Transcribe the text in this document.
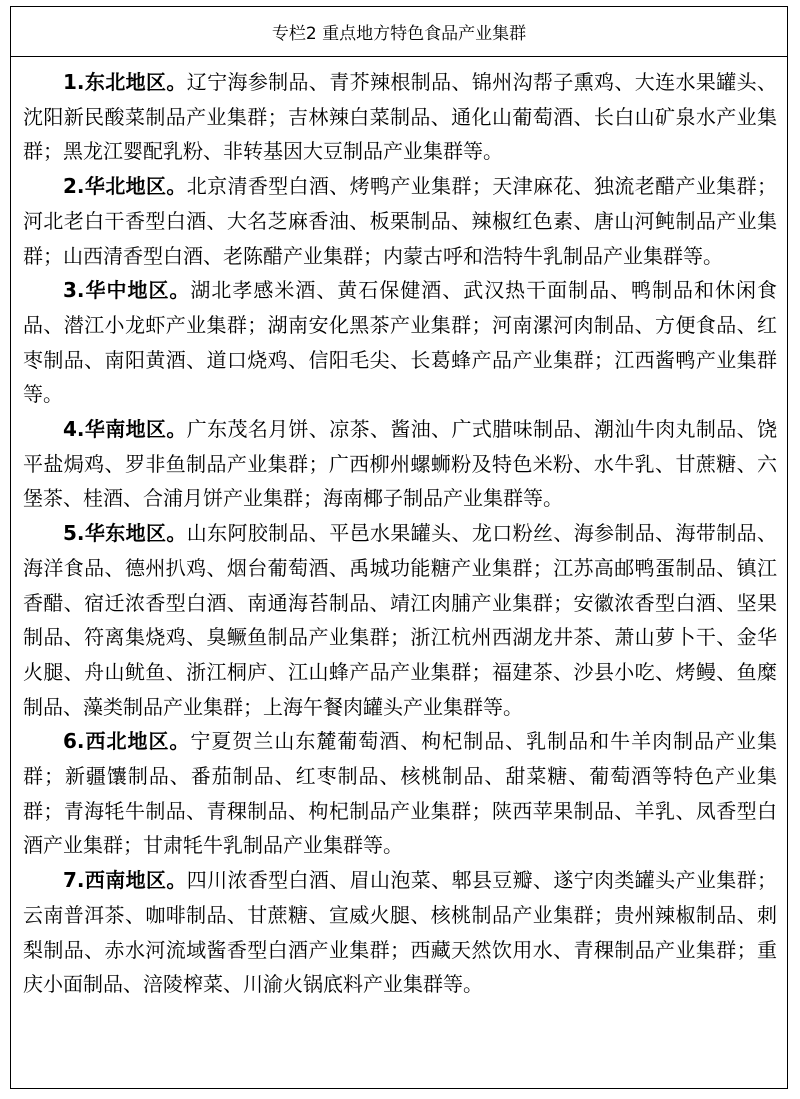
专栏2 重点地方特色食品产业集群

1.东北地区。辽宁海参制品、青芥辣根制品、锦州沟帮子熏鸡、大连水果罐头、沈阳新民酸菜制品产业集群；吉林辣白菜制品、通化山葡萄酒、长白山矿泉水产业集群；黑龙江婴配乳粉、非转基因大豆制品产业集群等。

2.华北地区。北京清香型白酒、烤鸭产业集群；天津麻花、独流老醋产业集群；河北老白干香型白酒、大名芝麻香油、板栗制品、辣椒红色素、唐山河鲀制品产业集群；山西清香型白酒、老陈醋产业集群；内蒙古呼和浩特牛乳制品产业集群等。

3.华中地区。湖北孝感米酒、黄石保健酒、武汉热干面制品、鸭制品和休闲食品、潜江小龙虾产业集群；湖南安化黑茶产业集群；河南漯河肉制品、方便食品、红枣制品、南阳黄酒、道口烧鸡、信阳毛尖、长葛蜂产品产业集群；江西酱鸭产业集群等。

4.华南地区。广东茂名月饼、凉茶、酱油、广式腊味制品、潮汕牛肉丸制品、饶平盐焗鸡、罗非鱼制品产业集群；广西柳州螺蛳粉及特色米粉、水牛乳、甘蔗糖、六堡茶、桂酒、合浦月饼产业集群；海南椰子制品产业集群等。

5.华东地区。山东阿胶制品、平邑水果罐头、龙口粉丝、海参制品、海带制品、海洋食品、德州扒鸡、烟台葡萄酒、禹城功能糖产业集群；江苏高邮鸭蛋制品、镇江香醋、宿迁浓香型白酒、南通海苔制品、靖江肉脯产业集群；安徽浓香型白酒、坚果制品、符离集烧鸡、臭鳜鱼制品产业集群；浙江杭州西湖龙井茶、萧山萝卜干、金华火腿、舟山鱿鱼、浙江桐庐、江山蜂产品产业集群；福建茶、沙县小吃、烤鳗、鱼糜制品、藻类制品产业集群；上海午餐肉罐头产业集群等。

6.西北地区。宁夏贺兰山东麓葡萄酒、枸杞制品、乳制品和牛羊肉制品产业集群；新疆馕制品、番茄制品、红枣制品、核桃制品、甜菜糖、葡萄酒等特色产业集群；青海牦牛制品、青稞制品、枸杞制品产业集群；陕西苹果制品、羊乳、凤香型白酒产业集群；甘肃牦牛乳制品产业集群等。

7.西南地区。四川浓香型白酒、眉山泡菜、郫县豆瓣、遂宁肉类罐头产业集群；云南普洱茶、咖啡制品、甘蔗糖、宣威火腿、核桃制品产业集群；贵州辣椒制品、刺梨制品、赤水河流域酱香型白酒产业集群；西藏天然饮用水、青稞制品产业集群；重庆小面制品、涪陵榨菜、川渝火锅底料产业集群等。
